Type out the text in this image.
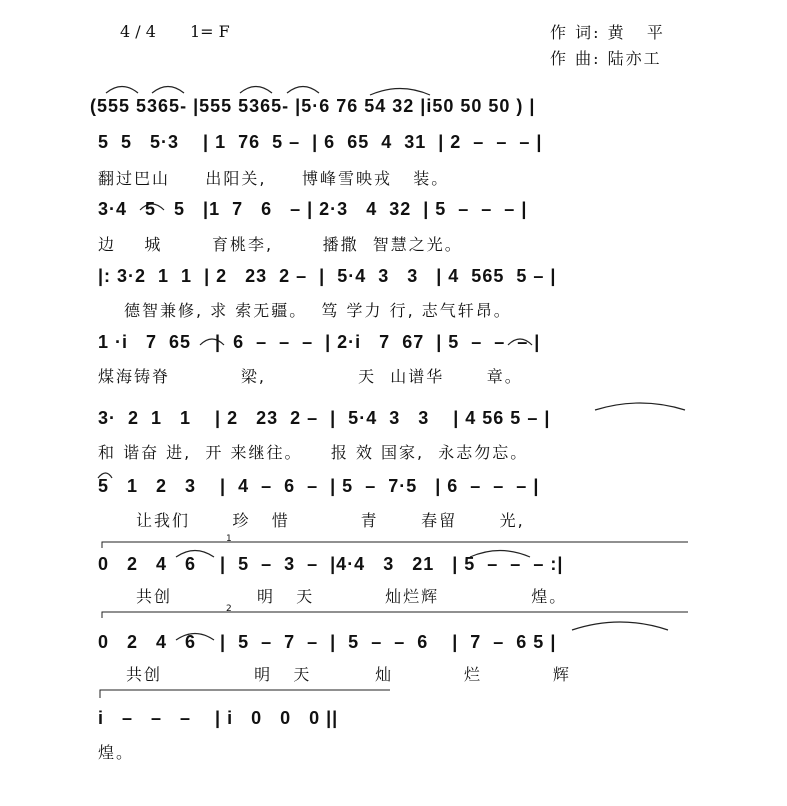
4 / 4 1= F	作 词: 黄   平
作 曲: 陆亦工
1
2
(555 5365- |555 5365- |5·6 76 54 32 |i50 50 50 ) |
5  5   5·3    | 1  76  5 –  | 6  65  4  31  | 2  –  –  – |
3·4   5   5   |1  7   6   – | 2·3   4  32  | 5  –  –  – |
|: 3·2  1  1  | 2   23  2 –  |  5·4  3   3   | 4  565  5 – |
1 ·i   7  65    |  6  –  –  –  | 2·i   7  67  | 5  –  –  – |
3·  2  1   1    | 2   23  2 –  |  5·4  3   3    | 4 56 5 – |
5   1   2   3    |  4  –  6  –  | 5  –  7·5   | 6  –  –  – |
0   2   4   6    |  5  –  3  –  |4·4   3   21   | 5  –  –  – :|
0   2   4   6    |  5  –  7  –  |  5  –  –  6    |  7  –  6 5 |
i   –   –   –    | i   0   0   0 ||
翻过巴山     出阳关,     博峰雪映戎   装。
边    城       育桃李,       播撒  智慧之光。
德智兼修, 求 索无疆。  笃 学力 行, 志气轩昂。
煤海铸脊          梁,             天  山谱华      章。
和 谐奋 进,  开 来继往。    报 效 国家,  永志勿忘。
让我们      珍   惜          青      春留      光,
共创            明   天          灿烂辉             煌。
共创             明   天         灿          烂          辉
煌。
